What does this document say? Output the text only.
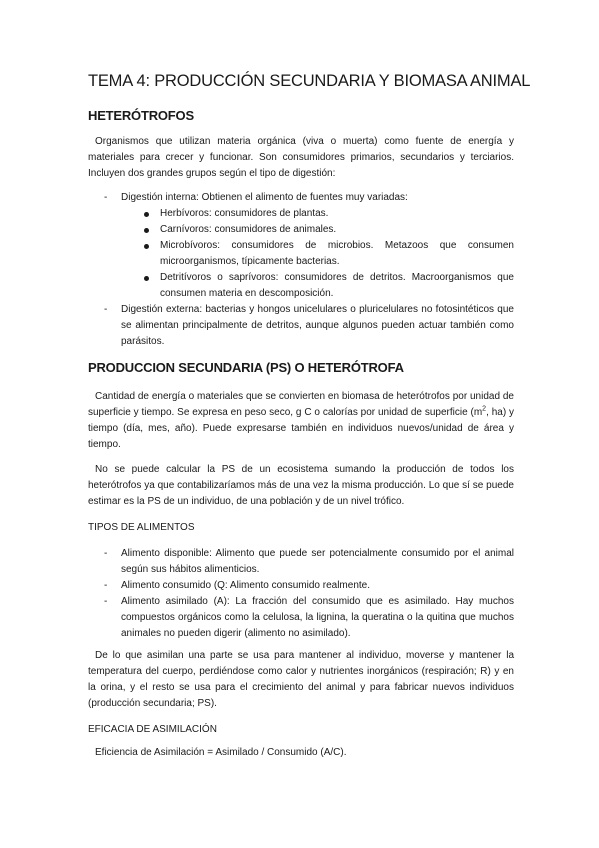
TEMA 4: PRODUCCIÓN SECUNDARIA Y BIOMASA ANIMAL
HETERÓTROFOS
Organismos que utilizan materia orgánica (viva o muerta) como fuente de energía y materiales para crecer y funcionar. Son consumidores primarios, secundarios y terciarios. Incluyen dos grandes grupos según el tipo de digestión:
- Digestión interna: Obtienen el alimento de fuentes muy variadas:
Herbívoros: consumidores de plantas.
Carnívoros: consumidores de animales.
Microbívoros: consumidores de microbios. Metazoos que consumen microorganismos, típicamente bacterias.
Detritívoros o saprívoros: consumidores de detritos. Macroorganismos que consumen materia en descomposición.
- Digestión externa: bacterias y hongos unicelulares o pluricelulares no fotosintéticos que se alimentan principalmente de detritos, aunque algunos pueden actuar también como parásitos.
PRODUCCION SECUNDARIA (PS) O HETERÓTROFA
Cantidad de energía o materiales que se convierten en biomasa de heterótrofos por unidad de superficie y tiempo. Se expresa en peso seco, g C o calorías por unidad de superficie ($m^2$, ha) y tiempo (día, mes, año). Puede expresarse también en individuos nuevos/unidad de área y tiempo.
No se puede calcular la PS de un ecosistema sumando la producción de todos los heterótrofos ya que contabilizaríamos más de una vez la misma producción. Lo que sí se puede estimar es la PS de un individuo, de una población y de un nivel trófico.
TIPOS DE ALIMENTOS
- Alimento disponible: Alimento que puede ser potencialmente consumido por el animal según sus hábitos alimenticios.
- Alimento consumido (Q: Alimento consumido realmente.
- Alimento asimilado (A): La fracción del consumido que es asimilado. Hay muchos compuestos orgánicos como la celulosa, la lignina, la queratina o la quitina que muchos animales no pueden digerir (alimento no asimilado).
De lo que asimilan una parte se usa para mantener al individuo, moverse y mantener la temperatura del cuerpo, perdiéndose como calor y nutrientes inorgánicos (respiración; R) y en la orina, y el resto se usa para el crecimiento del animal y para fabricar nuevos individuos (producción secundaria; PS).
EFICACIA DE ASIMILACIÓN
Eficiencia de Asimilación = Asimilado / Consumido (A/C).
